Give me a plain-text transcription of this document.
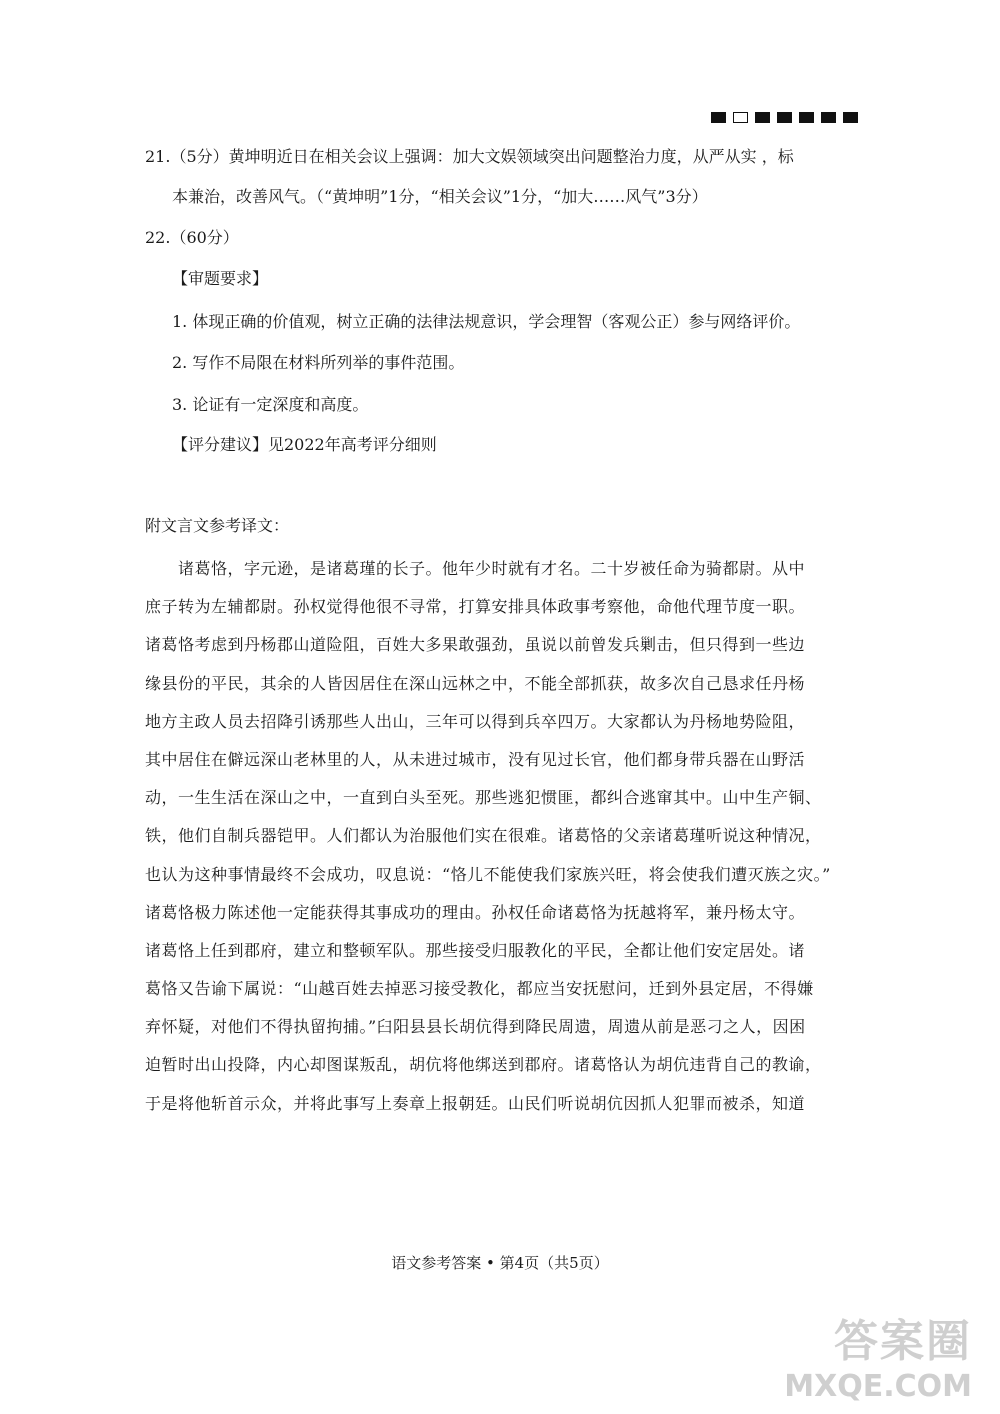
21.（5分）黄坤明近日在相关会议上强调：加大文娱领域突出问题整治力度，从严从实 ，标
本兼治，改善风气。（“黄坤明”1分，“相关会议”1分，“加大……风气”3分）
22.（60分）
【审题要求】
1. 体现正确的价值观，树立正确的法律法规意识，学会理智（客观公正）参与网络评价。
2. 写作不局限在材料所列举的事件范围。
3. 论证有一定深度和高度。
【评分建议】见2022年高考评分细则
附文言文参考译文：
　　诸葛恪，字元逊，是诸葛瑾的长子。他年少时就有才名。二十岁被任命为骑都尉。从中
庶子转为左辅都尉。孙权觉得他很不寻常，打算安排具体政事考察他，命他代理节度一职。
诸葛恪考虑到丹杨郡山道险阻，百姓大多果敢强劲，虽说以前曾发兵剿击，但只得到一些边
缘县份的平民，其余的人皆因居住在深山远林之中，不能全部抓获，故多次自己恳求任丹杨
地方主政人员去招降引诱那些人出山，三年可以得到兵卒四万。大家都认为丹杨地势险阻，
其中居住在僻远深山老林里的人，从未进过城市，没有见过长官，他们都身带兵器在山野活
动，一生生活在深山之中，一直到白头至死。那些逃犯惯匪，都纠合逃窜其中。山中生产铜、
铁，他们自制兵器铠甲。人们都认为治服他们实在很难。诸葛恪的父亲诸葛瑾听说这种情况，
也认为这种事情最终不会成功，叹息说：“恪儿不能使我们家族兴旺，将会使我们遭灭族之灾。”
诸葛恪极力陈述他一定能获得其事成功的理由。孙权任命诸葛恪为抚越将军，兼丹杨太守。
诸葛恪上任到郡府，建立和整顿军队。那些接受归服教化的平民，全都让他们安定居处。诸
葛恪又告谕下属说：“山越百姓去掉恶习接受教化，都应当安抚慰问，迁到外县定居，不得嫌
弃怀疑，对他们不得执留拘捕。”臼阳县县长胡伉得到降民周遗，周遗从前是恶刁之人，因困
迫暂时出山投降，内心却图谋叛乱，胡伉将他绑送到郡府。诸葛恪认为胡伉违背自己的教谕，
于是将他斩首示众，并将此事写上奏章上报朝廷。山民们听说胡伉因抓人犯罪而被杀，知道
语文参考答案 • 第4页（共5页）
答案圈
MXQE.COM
